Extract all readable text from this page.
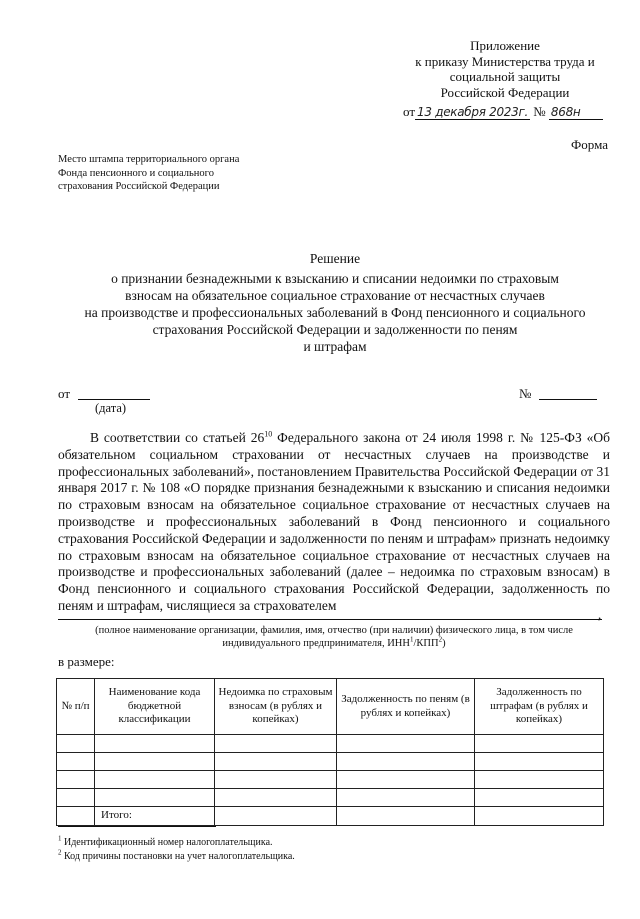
Приложение
к приказу Министерства труда и
социальной защиты
Российской Федерации
от 13 декабря 2023г. № 868н
Форма
Место штампа территориального органа
Фонда пенсионного и социального
страхования Российской Федерации
Решение
о признании безнадежными к взысканию и списании недоимки по страховым
взносам на обязательное социальное страхование от несчастных случаев
на производстве и профессиональных заболеваний в Фонд пенсионного и социального
страхования Российской Федерации и задолженности по пеням
и штрафам
от
(дата)
№

В соответствии со статьей $26^{10}$ Федерального закона от 24 июля 1998 г. № 125-ФЗ «Об обязательном социальном страховании от несчастных случаев на производстве и профессиональных заболеваний», постановлением Правительства Российской Федерации от 31 января 2017 г. № 108 «О порядке признания безнадежными к взысканию и списания недоимки по страховым взносам на обязательное социальное страхование от несчастных случаев на производстве и профессиональных заболеваний в Фонд пенсионного и социального страхования Российской Федерации и задолженности по пеням и штрафам» признать недоимку по страховым взносам на обязательное социальное страхование от несчастных случаев на производстве и профессиональных заболеваний (далее – недоимка по страховым взносам) в Фонд пенсионного и социального страхования Российской Федерации, задолженность по пеням и штрафам, числящиеся за страхователем

,
(полное наименование организации, фамилия, имя, отчество (при наличии) физического лица, в том числе
индивидуального предпринимателя, ИНН$^1$/КПП$^2$)
в размере:
№ п/п	Наименование кода бюджетной классификации	Недоимка по страховым взносам (в рублях и копейках)	Задолженность по пеням (в рублях и копейках)	Задолженность по штрафам (в рублях и копейках)

	Итого:			
$^1$ Идентификационный номер налогоплательщика.
$^2$ Код причины постановки на учет налогоплательщика.
